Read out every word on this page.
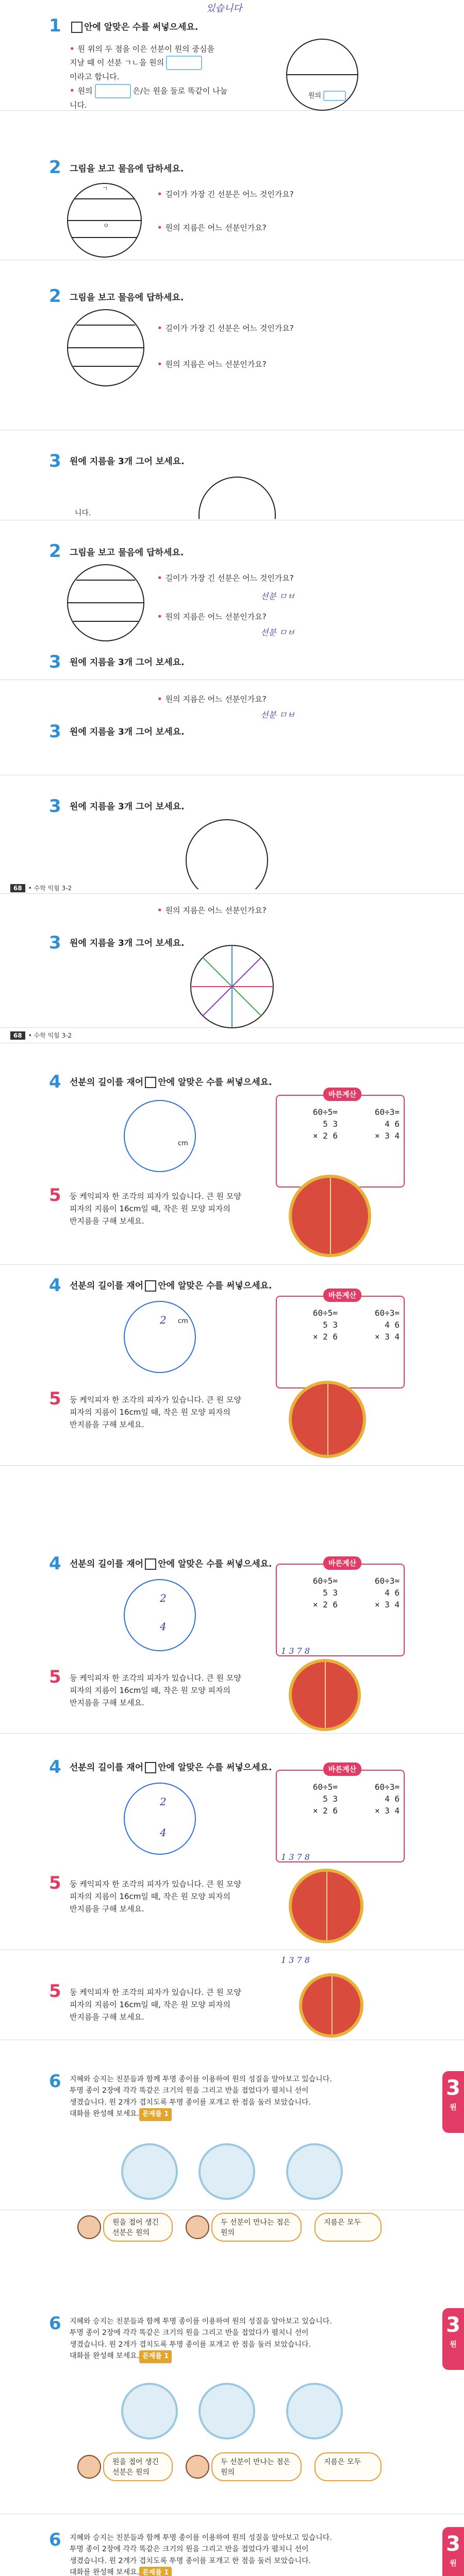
있습니다
1	안에 알맞은 수를 써넣으세요.
• 원 위의 두 점을 이은 선분이 원의 중심을
지날 때 이 선분 ㄱㄴ을 원의
이라고 합니다.
• 원의	은/는 원을 둘로 똑같이 나눕
니다.
원의
2 그림을 보고 물음에 답하세요.
ㄱ
ㅇ
• 길이가 가장 긴 선분은 어느 것인가요?
• 원의 지름은 어느 선분인가요?
2 그림을 보고 물음에 답하세요.
• 길이가 가장 긴 선분은 어느 것인가요?
• 원의 지름은 어느 선분인가요?
3 원에 지름을 3개 그어 보세요.
니다.
2 그림을 보고 물음에 답하세요.
• 길이가 가장 긴 선분은 어느 것인가요?
• 원의 지름은 어느 선분인가요?
선분 ㅁㅂ
선분 ㅁㅂ
3 원에 지름을 3개 그어 보세요.
• 원의 지름은 어느 선분인가요?
선분 ㅁㅂ
3 원에 지름을 3개 그어 보세요.
3 원에 지름을 3개 그어 보세요.
68 • 수학 익힘 3-2
• 원의 지름은 어느 선분인가요?
3 원에 지름을 3개 그어 보세요.
68 • 수학 익힘 3-2
4 선분의 길이를 재어 안에 알맞은 수를 써넣으세요.
cm
바른계산
60÷5=
5 3
× 2 6
60÷3=
4 6
× 3 4
5 둥 케익피자 한 조각의 피자가 있습니다. 큰 원 모양
피자의 지름이 16cm일 때, 작은 원 모양 피자의
반지름을 구해 보세요.
4 선분의 길이를 재어 안에 알맞은 수를 써넣으세요.
2 cm
바른계산
60÷5=
5 3
× 2 6
60÷3=
4 6
× 3 4
5 둥 케익피자 한 조각의 피자가 있습니다. 큰 원 모양
피자의 지름이 16cm일 때, 작은 원 모양 피자의
반지름을 구해 보세요.
4 선분의 길이를 재어 안에 알맞은 수를 써넣으세요.
2
4
바른계산
60÷5=
5 3
× 2 6
60÷3=
4 6
× 3 4
1 3 7 8
5 둥 케익피자 한 조각의 피자가 있습니다. 큰 원 모양
피자의 지름이 16cm일 때, 작은 원 모양 피자의
반지름을 구해 보세요.
4 선분의 길이를 재어 안에 알맞은 수를 써넣으세요.
2
4
바른계산
60÷5=
5 3
× 2 6
60÷3=
4 6
× 3 4
1 3 7 8
5 둥 케익피자 한 조각의 피자가 있습니다. 큰 원 모양
피자의 지름이 16cm일 때, 작은 원 모양 피자의
반지름을 구해 보세요.
1 3 7 8
5 둥 케익피자 한 조각의 피자가 있습니다. 큰 원 모양
피자의 지름이 16cm일 때, 작은 원 모양 피자의
반지름을 구해 보세요.
6 지혜와 승지는 친분들과 함께 투명 종이를 이용하여 원의 성질을 알아보고 있습니다.
투명 종이 2장에 각각 똑같은 크기의 원을 그리고 반을 접었다가 펼치니 선이
생겼습니다. 원 2개가 겹치도록 투명 종이를 포개고 한 점을 둘러 보았습니다.
대화를 완성해 보세요. 문제를 1
3
원
원을 접어 생긴
선분은 원의
두 선분이 만나는 점은
원의
지름은 모두
6 지혜와 승지는 친분들과 함께 투명 종이를 이용하여 원의 성질을 알아보고 있습니다.
투명 종이 2장에 각각 똑같은 크기의 원을 그리고 반을 접었다가 펼치니 선이
생겼습니다. 원 2개가 겹치도록 투명 종이를 포개고 한 점을 둘러 보았습니다.
대화를 완성해 보세요. 문제를 1
3
원
원을 접어 생긴
선분은 원의
두 선분이 만나는 점은
원의
지름은 모두
6 지혜와 승지는 친분들과 함께 투명 종이를 이용하여 원의 성질을 알아보고 있습니다.
투명 종이 2장에 각각 똑같은 크기의 원을 그리고 반을 접었다가 펼치니 선이
생겼습니다. 원 2개가 겹치도록 투명 종이를 포개고 한 점을 둘러 보았습니다.
대화를 완성해 보세요. 문제를 1
3
원
